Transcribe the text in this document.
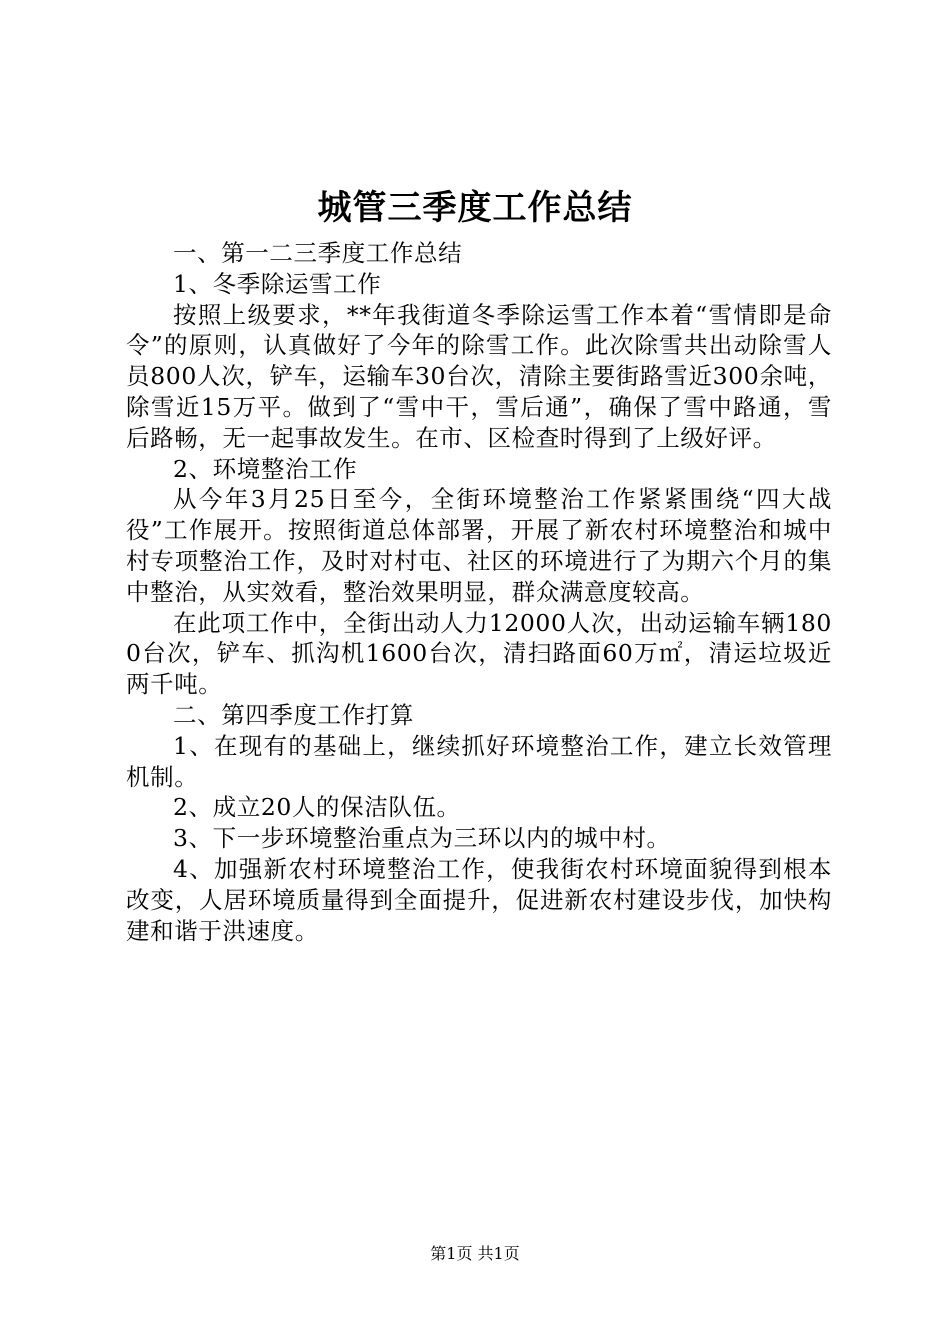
城管三季度工作总结

一、第一二三季度工作总结

1、冬季除运雪工作

按照上级要求，**年我街道冬季除运雪工作本着“雪情即是命令”的原则，认真做好了今年的除雪工作。此次除雪共出动除雪人员800人次，铲车，运输车30台次，清除主要街路雪近300余吨，除雪近15万平。做到了“雪中干，雪后通”，确保了雪中路通，雪后路畅，无一起事故发生。在市、区检查时得到了上级好评。

2、环境整治工作

从今年3月25日至今，全街环境整治工作紧紧围绕“四大战役”工作展开。按照街道总体部署，开展了新农村环境整治和城中村专项整治工作，及时对村屯、社区的环境进行了为期六个月的集中整治，从实效看，整治效果明显，群众满意度较高。

在此项工作中，全街出动人力12000人次，出动运输车辆1800台次，铲车、抓沟机1600台次，清扫路面60万㎡，清运垃圾近两千吨。

二、第四季度工作打算

1、在现有的基础上，继续抓好环境整治工作，建立长效管理机制。

2、成立20人的保洁队伍。

3、下一步环境整治重点为三环以内的城中村。

4、加强新农村环境整治工作，使我街农村环境面貌得到根本改变，人居环境质量得到全面提升，促进新农村建设步伐，加快构建和谐于洪速度。

第1页 共1页
